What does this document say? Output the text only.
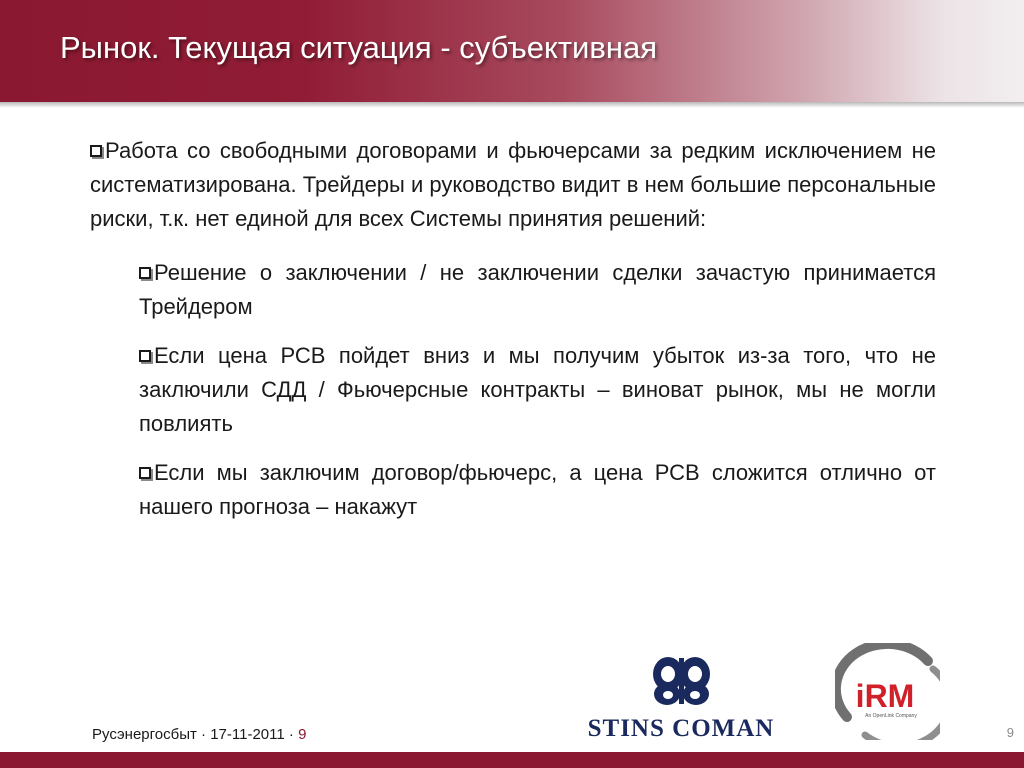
Рынок. Текущая ситуация - субъективная

Работа со свободными договорами и фьючерсами за редким исключением не систематизирована. Трейдеры и руководство видит в нем большие персональные риски, т.к. нет единой для всех Системы принятия решений:

Решение о заключении / не заключении сделки зачастую принимается Трейдером

Если цена РСВ пойдет вниз и мы получим убыток из-за того, что не заключили СДД / Фьючерсные контракты – виноват рынок, мы не могли повлиять

Если мы заключим договор/фьючерс, а цена РСВ сложится отлично от нашего прогноза – накажут

STINS COMAN
iRM
An OpenLink Company
Русэнергосбыт · 17-11-2011 · 9	9
